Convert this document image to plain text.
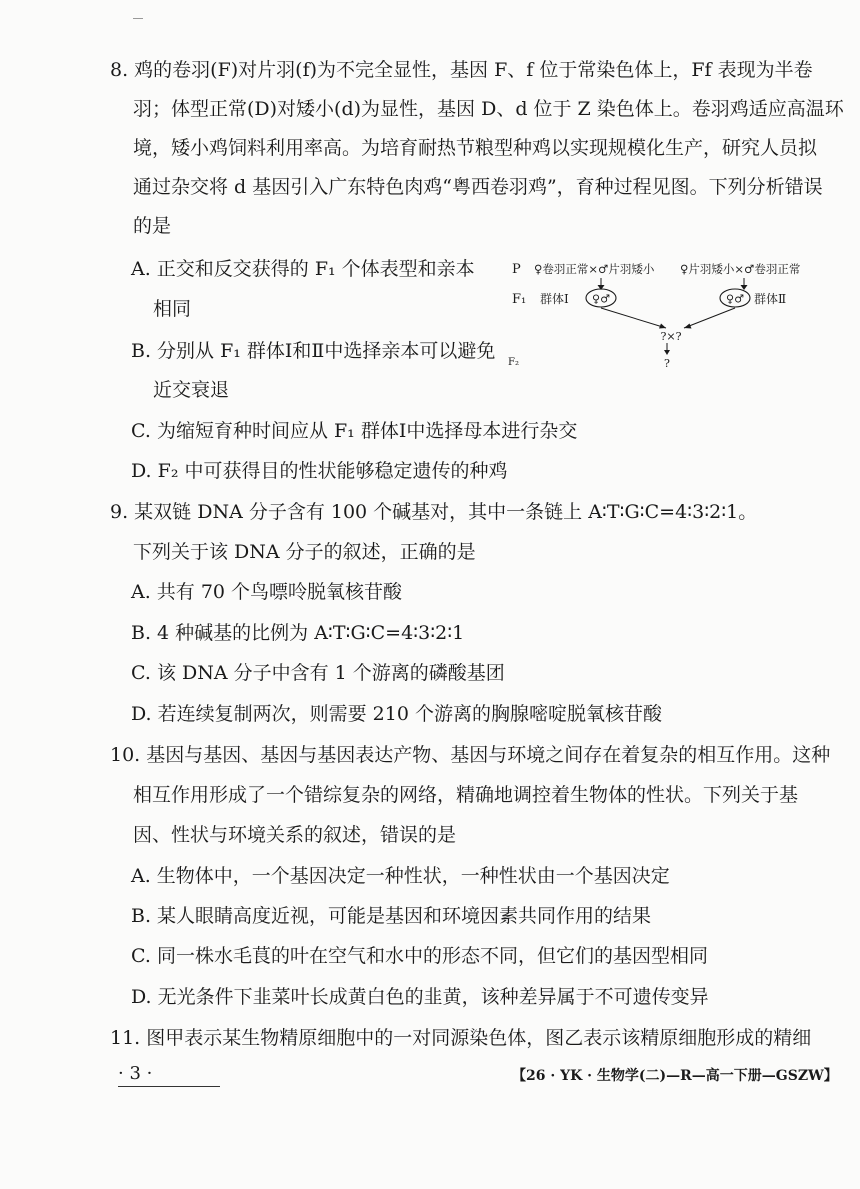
8. 鸡的卷羽(F)对片羽(f)为不完全显性，基因 F、f 位于常染色体上，Ff 表现为半卷
羽；体型正常(D)对矮小(d)为显性，基因 D、d 位于 Z 染色体上。卷羽鸡适应高温环
境，矮小鸡饲料利用率高。为培育耐热节粮型种鸡以实现规模化生产，研究人员拟
通过杂交将 d 基因引入广东特色肉鸡“粤西卷羽鸡”，育种过程见图。下列分析错误
的是
A. 正交和反交获得的 F₁ 个体表型和亲本
相同
B. 分别从 F₁ 群体Ⅰ和Ⅱ中选择亲本可以避免
近交衰退
C. 为缩短育种时间应从 F₁ 群体Ⅰ中选择母本进行杂交
D. F₂ 中可获得目的性状能够稳定遗传的种鸡
P ♀卷羽正常×♂片羽矮小 ♀片羽矮小×♂卷羽正常
F₁ 群体Ⅰ ♀♂	♀♂ 群体Ⅱ
?×?
F₂	?
9. 某双链 DNA 分子含有 100 个碱基对，其中一条链上 A∶T∶G∶C=4∶3∶2∶1。
下列关于该 DNA 分子的叙述，正确的是
A. 共有 70 个鸟嘌呤脱氧核苷酸
B. 4 种碱基的比例为 A∶T∶G∶C=4∶3∶2∶1
C. 该 DNA 分子中含有 1 个游离的磷酸基团
D. 若连续复制两次，则需要 210 个游离的胸腺嘧啶脱氧核苷酸
10. 基因与基因、基因与基因表达产物、基因与环境之间存在着复杂的相互作用。这种
相互作用形成了一个错综复杂的网络，精确地调控着生物体的性状。下列关于基
因、性状与环境关系的叙述，错误的是
A. 生物体中，一个基因决定一种性状，一种性状由一个基因决定
B. 某人眼睛高度近视，可能是基因和环境因素共同作用的结果
C. 同一株水毛茛的叶在空气和水中的形态不同，但它们的基因型相同
D. 无光条件下韭菜叶长成黄白色的韭黄，该种差异属于不可遗传变异
11. 图甲表示某生物精原细胞中的一对同源染色体，图乙表示该精原细胞形成的精细
· 3 ·	【26 · YK · 生物学(二)—R—高一下册—GSZW】
